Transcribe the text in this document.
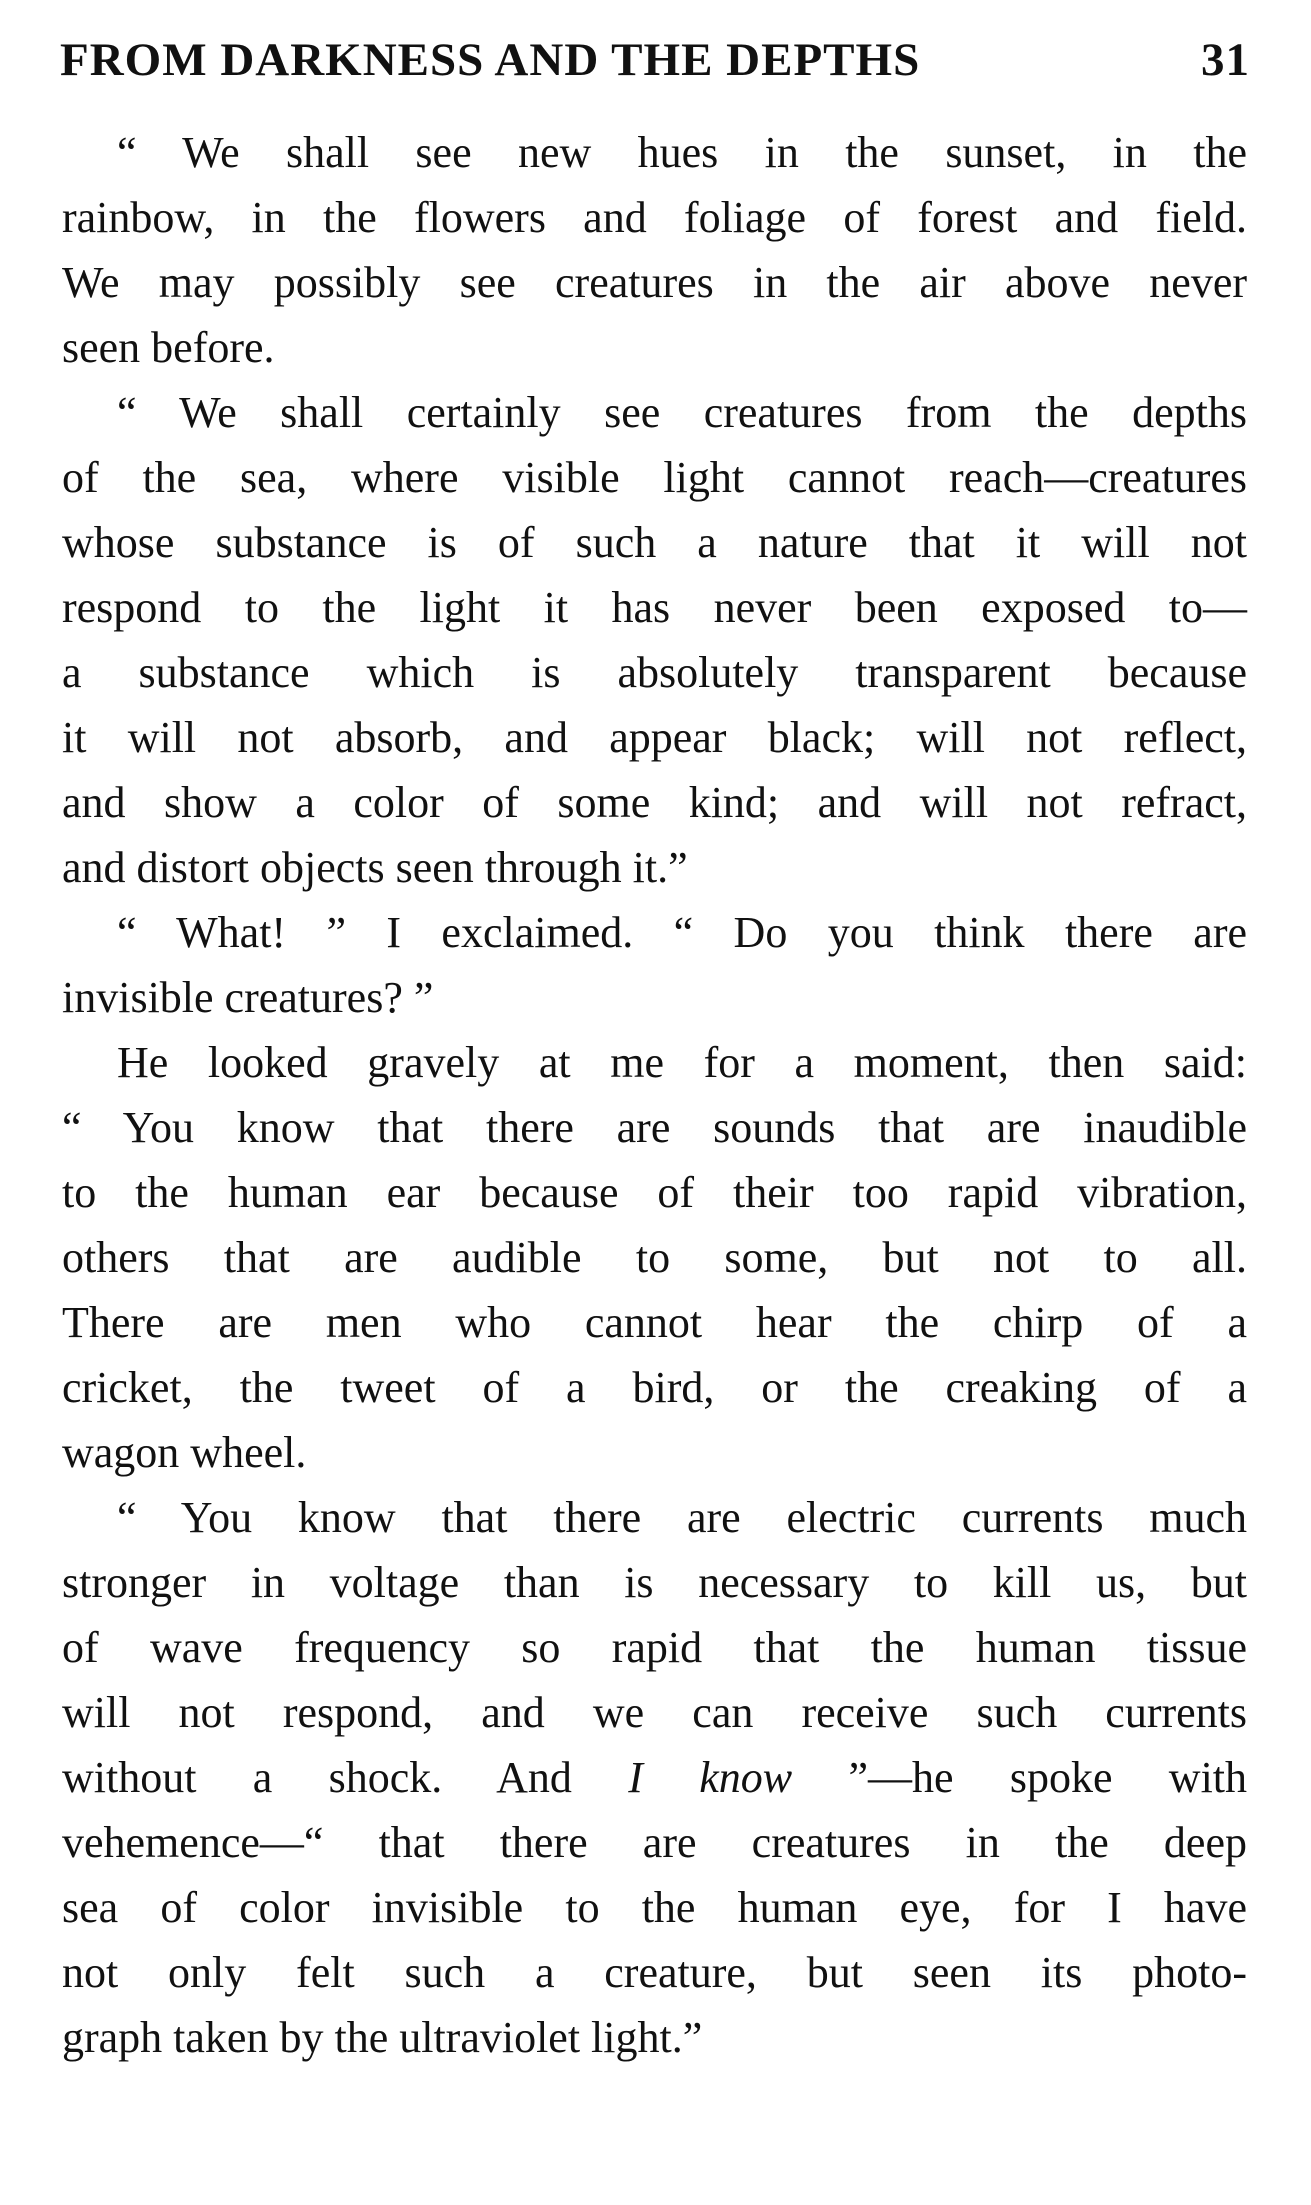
FROM DARKNESS AND THE DEPTHS	31

“ We shall see new hues in the sunset, in the
rainbow, in the flowers and foliage of forest and field.
We may possibly see creatures in the air above never
seen before.

“ We shall certainly see creatures from the depths
of the sea, where visible light cannot reach—creatures
whose substance is of such a nature that it will not
respond to the light it has never been exposed to—
a substance which is absolutely transparent because
it will not absorb, and appear black; will not reflect,
and show a color of some kind; and will not refract,
and distort objects seen through it.”

“ What! ” I exclaimed. “ Do you think there are
invisible creatures? ”

He looked gravely at me for a moment, then said:
“ You know that there are sounds that are inaudible
to the human ear because of their too rapid vibration,
others that are audible to some, but not to all.
There are men who cannot hear the chirp of a
cricket, the tweet of a bird, or the creaking of a
wagon wheel.

“ You know that there are electric currents much
stronger in voltage than is necessary to kill us, but
of wave frequency so rapid that the human tissue
will not respond, and we can receive such currents
without a shock. And I know ”—he spoke with
vehemence—“ that there are creatures in the deep
sea of color invisible to the human eye, for I have
not only felt such a creature, but seen its photo-
graph taken by the ultraviolet light.”
